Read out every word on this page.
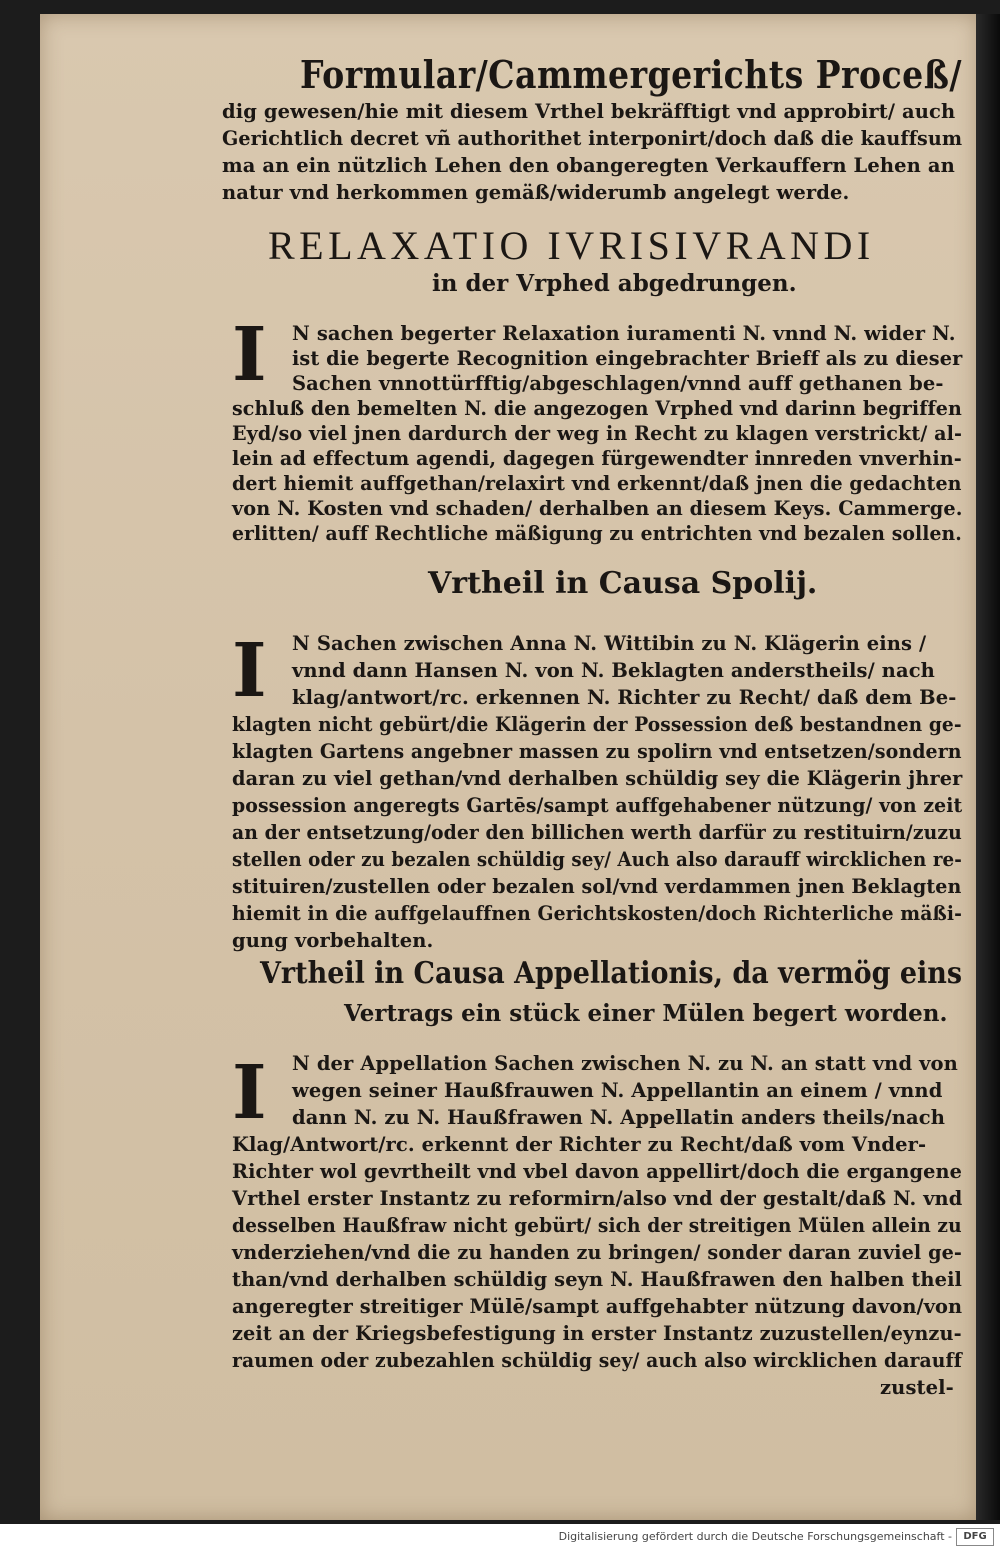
Formular/Cammergerichts Proceß/
dig gewesen/hie mit diesem Vrthel bekräfftigt vnd approbirt/ auch
Gerichtlich decret vñ authorithet interponirt/doch daß die kauffsum
ma an ein nützlich Lehen den obangeregten Verkauffern Lehen an
natur vnd herkommen gemäß/widerumb angelegt werde.
RELAXATIO IVRISIVRANDI
in der Vrphed abgedrungen.
I N sachen begerter Relaxation iuramenti N. vnnd N. wider N.
ist die begerte Recognition eingebrachter Brieff als zu dieser
Sachen vnnottürfftig/abgeschlagen/vnnd auff gethanen be-
schluß den bemelten N. die angezogen Vrphed vnd darinn begriffen
Eyd/so viel jnen dardurch der weg in Recht zu klagen verstrickt/ al-
lein ad effectum agendi, dagegen fürgewendter innreden vnverhin-
dert hiemit auffgethan/relaxirt vnd erkennt/daß jnen die gedachten
von N. Kosten vnd schaden/ derhalben an diesem Keys. Cammerge.
erlitten/ auff Rechtliche mäßigung zu entrichten vnd bezalen sollen.
Vrtheil in Causa Spolij.
I N Sachen zwischen Anna N. Wittibin zu N. Klägerin eins /
vnnd dann Hansen N. von N. Beklagten anderstheils/ nach
klag/antwort/rc. erkennen N. Richter zu Recht/ daß dem Be-
klagten nicht gebürt/die Klägerin der Possession deß bestandnen ge-
klagten Gartens angebner massen zu spolirn vnd entsetzen/sondern
daran zu viel gethan/vnd derhalben schüldig sey die Klägerin jhrer
possession angeregts Gartēs/sampt auffgehabener nützung/ von zeit
an der entsetzung/oder den billichen werth darfür zu restituirn/zuzu
stellen oder zu bezalen schüldig sey/ Auch also darauff wircklichen re-
stituiren/zustellen oder bezalen sol/vnd verdammen jnen Beklagten
hiemit in die auffgelauffnen Gerichtskosten/doch Richterliche mäßi-
gung vorbehalten.
Vrtheil in Causa Appellationis, da vermög eins
Vertrags ein stück einer Mülen begert worden.
I N der Appellation Sachen zwischen N. zu N. an statt vnd von
wegen seiner Haußfrauwen N. Appellantin an einem / vnnd
dann N. zu N. Haußfrawen N. Appellatin anders theils/nach
Klag/Antwort/rc. erkennt der Richter zu Recht/daß vom Vnder-
Richter wol gevrtheilt vnd vbel davon appellirt/doch die ergangene
Vrthel erster Instantz zu reformirn/also vnd der gestalt/daß N. vnd
desselben Haußfraw nicht gebürt/ sich der streitigen Mülen allein zu
vnderziehen/vnd die zu handen zu bringen/ sonder daran zuviel ge-
than/vnd derhalben schüldig seyn N. Haußfrawen den halben theil
angeregter streitiger Mülē/sampt auffgehabter nützung davon/von
zeit an der Kriegsbefestigung in erster Instantz zuzustellen/eynzu-
raumen oder zubezahlen schüldig sey/ auch also wircklichen darauff
zustel-
Digitalisierung gefördert durch die Deutsche Forschungsgemeinschaft -	DFG
